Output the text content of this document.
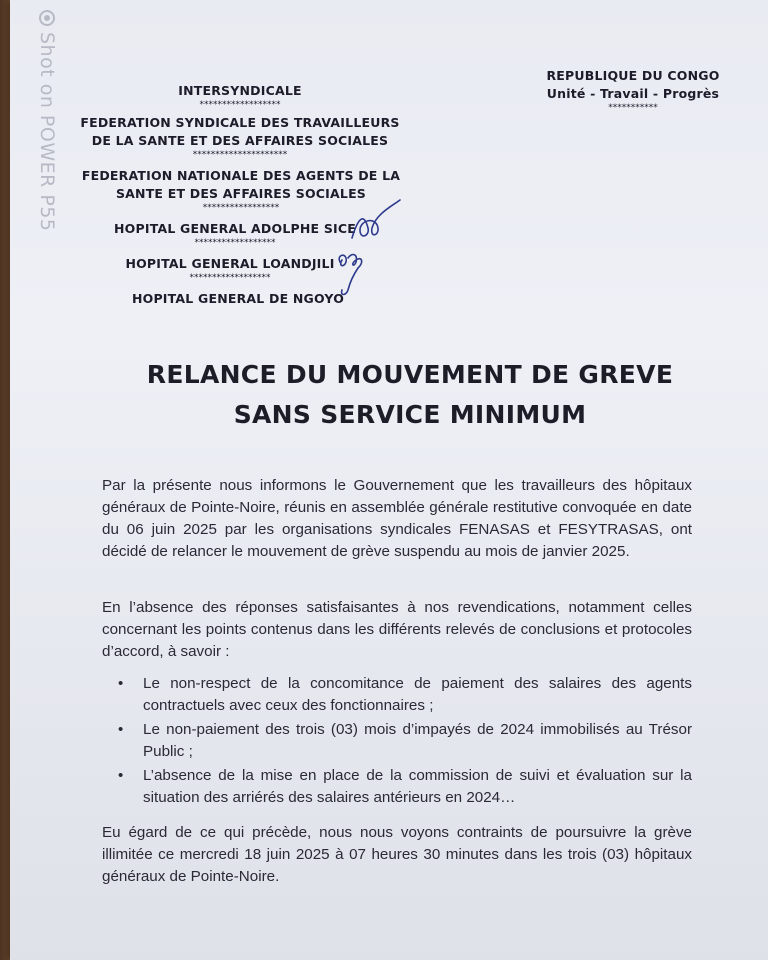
Shot on POWER P55	INTERSYNDICALE
******************
FEDERATION SYNDICALE DES TRAVAILLEURS
DE LA SANTE ET DES AFFAIRES SOCIALES
*********************
FEDERATION NATIONALE DES AGENTS DE LA
SANTE ET DES AFFAIRES SOCIALES
*****************
HOPITAL GENERAL ADOLPHE SICE
******************
HOPITAL GENERAL LOANDJILI
******************
HOPITAL GENERAL DE NGOYO
REPUBLIQUE DU CONGO
Unité - Travail - Progrès
***********
RELANCE DU MOUVEMENT DE GREVE
SANS SERVICE MINIMUM
Par la présente nous informons le Gouvernement que les travailleurs des hôpitaux généraux de Pointe-Noire, réunis en assemblée générale restitutive convoquée en date du 06 juin 2025 par les organisations syndicales FENASAS et FESYTRASAS, ont décidé de relancer le mouvement de grève suspendu au mois de janvier 2025.
En l’absence des réponses satisfaisantes à nos revendications, notamment celles concernant les points contenus dans les différents relevés de conclusions et protocoles d’accord, à savoir :
• Le non-respect de la concomitance de paiement des salaires des agents contractuels avec ceux des fonctionnaires ;
• Le non-paiement des trois (03) mois d’impayés de 2024 immobilisés au Trésor Public ;
• L’absence de la mise en place de la commission de suivi et évaluation sur la situation des arriérés des salaires antérieurs en 2024…
Eu égard de ce qui précède, nous nous voyons contraints de poursuivre la grève illimitée ce mercredi 18 juin 2025 à 07 heures 30 minutes dans les trois (03) hôpitaux généraux de Pointe-Noire.
